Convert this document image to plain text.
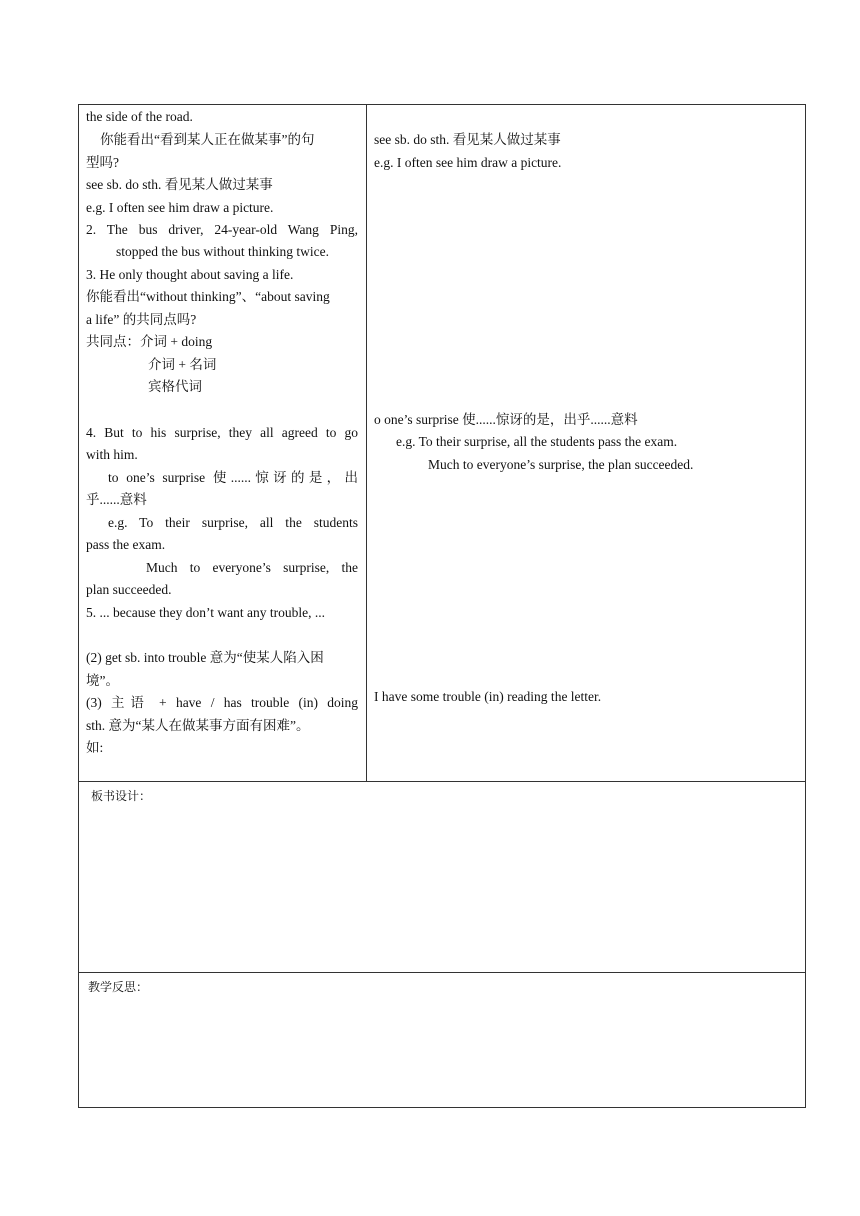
the side of the road.
你能看出“看到某人正在做某事”的句
型吗?
see sb. do sth. 看见某人做过某事
e.g. I often see him draw a picture.
2. The bus driver, 24-year-old Wang Ping,
stopped the bus without thinking twice.
3. He only thought about saving a life.
你能看出“without thinking”、“about saving
a life” 的共同点吗?
共同点：介词 + doing
介词 + 名词
宾格代词
4. But to his surprise, they all agreed to go
with him.
to one’s surprise 使......惊讶的是，出
乎......意料
e.g. To their surprise, all the students
pass the exam.
Much to everyone’s surprise, the
plan succeeded.
5. ... because they don’t want any trouble, ...
(2) get sb. into trouble 意为“使某人陷入困
境”。
(3) 主语 + have / has trouble (in) doing
sth. 意为“某人在做某事方面有困难”。
如:
see sb. do sth. 看见某人做过某事
e.g. I often see him draw a picture.
o one’s surprise 使......惊讶的是，出乎......意料
e.g. To their surprise, all the students pass the exam.
Much to everyone’s surprise, the plan succeeded.
I have some trouble (in) reading the letter.
板书设计：
教学反思：
